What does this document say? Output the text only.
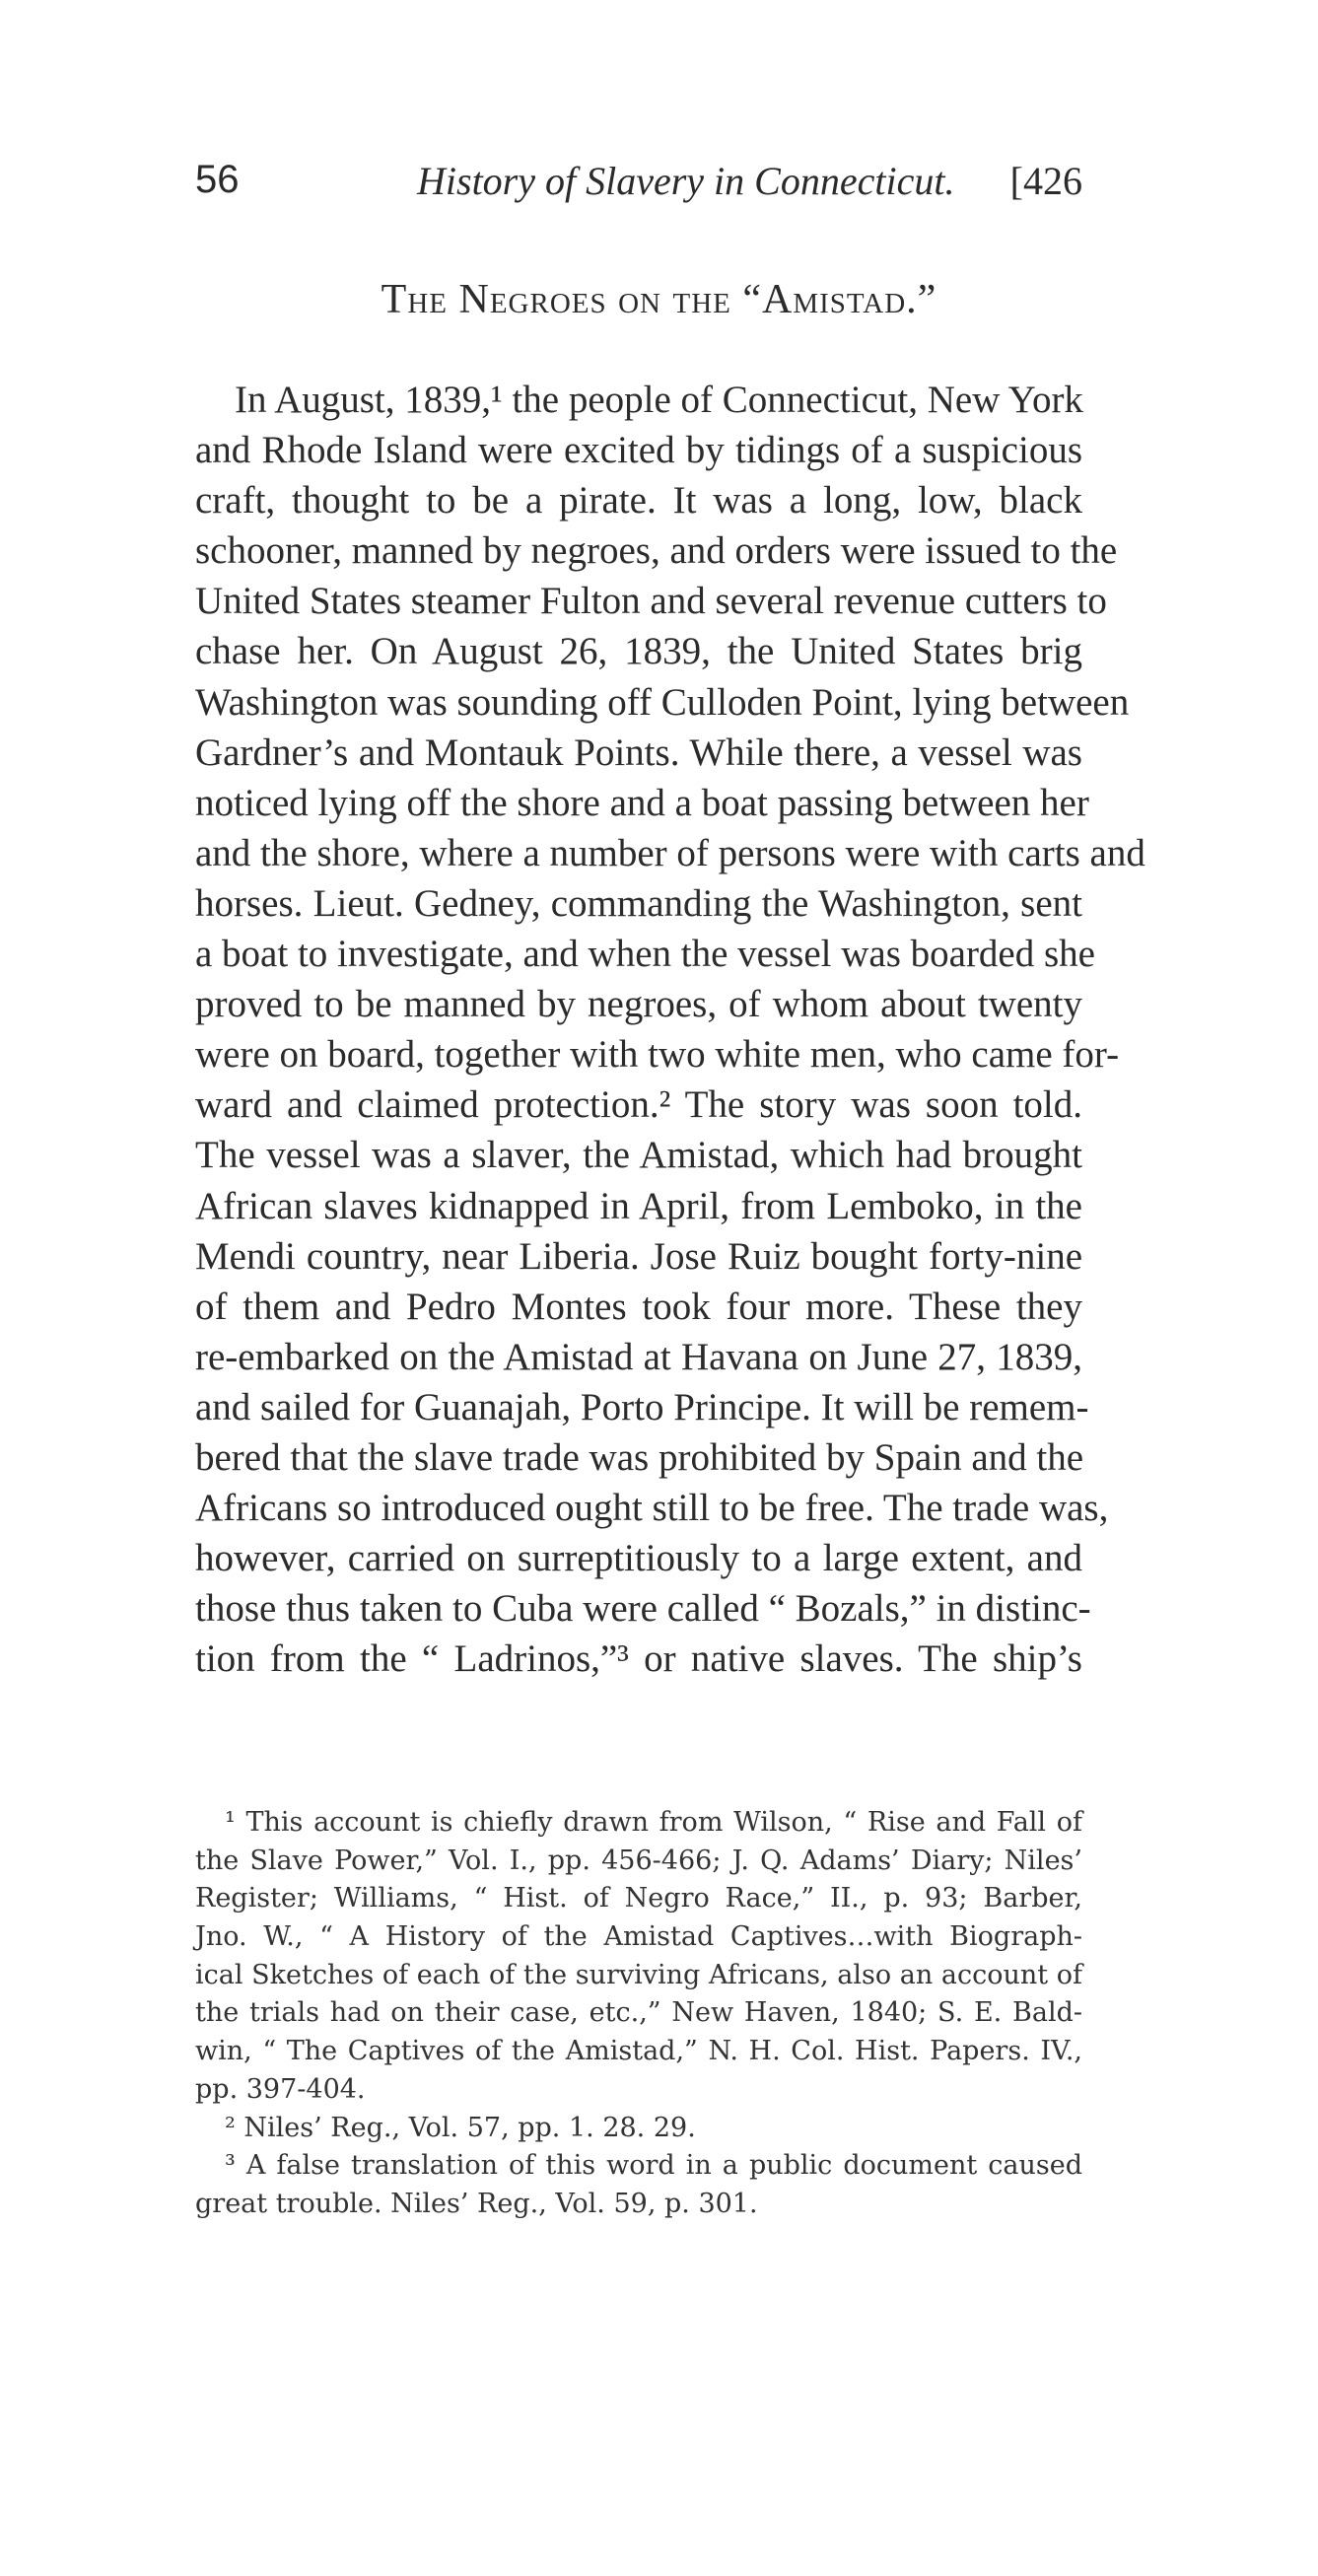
56	History of Slavery in Connecticut. [426
The Negroes on the “Amistad.”
In August, 1839,¹ the people of Connecticut, New York
and Rhode Island were excited by tidings of a suspicious
craft, thought to be a pirate. It was a long, low, black
schooner, manned by negroes, and orders were issued to the
United States steamer Fulton and several revenue cutters to
chase her. On August 26, 1839, the United States brig
Washington was sounding off Culloden Point, lying between
Gardner’s and Montauk Points. While there, a vessel was
noticed lying off the shore and a boat passing between her
and the shore, where a number of persons were with carts and
horses. Lieut. Gedney, commanding the Washington, sent
a boat to investigate, and when the vessel was boarded she
proved to be manned by negroes, of whom about twenty
were on board, together with two white men, who came for-
ward and claimed protection.² The story was soon told.
The vessel was a slaver, the Amistad, which had brought
African slaves kidnapped in April, from Lemboko, in the
Mendi country, near Liberia. Jose Ruiz bought forty-nine
of them and Pedro Montes took four more. These they
re-embarked on the Amistad at Havana on June 27, 1839,
and sailed for Guanajah, Porto Principe. It will be remem-
bered that the slave trade was prohibited by Spain and the
Africans so introduced ought still to be free. The trade was,
however, carried on surreptitiously to a large extent, and
those thus taken to Cuba were called “ Bozals,” in distinc-
tion from the “ Ladrinos,”³ or native slaves. The ship’s
¹ This account is chiefly drawn from Wilson, “ Rise and Fall of
the Slave Power,” Vol. I., pp. 456-466; J. Q. Adams’ Diary; Niles’
Register; Williams, “ Hist. of Negro Race,” II., p. 93; Barber,
Jno. W., “ A History of the Amistad Captives…with Biograph-
ical Sketches of each of the surviving Africans, also an account of
the trials had on their case, etc.,” New Haven, 1840; S. E. Bald-
win, “ The Captives of the Amistad,” N. H. Col. Hist. Papers. IV.,
pp. 397-404.
² Niles’ Reg., Vol. 57, pp. 1. 28. 29.
³ A false translation of this word in a public document caused
great trouble. Niles’ Reg., Vol. 59, p. 301.
